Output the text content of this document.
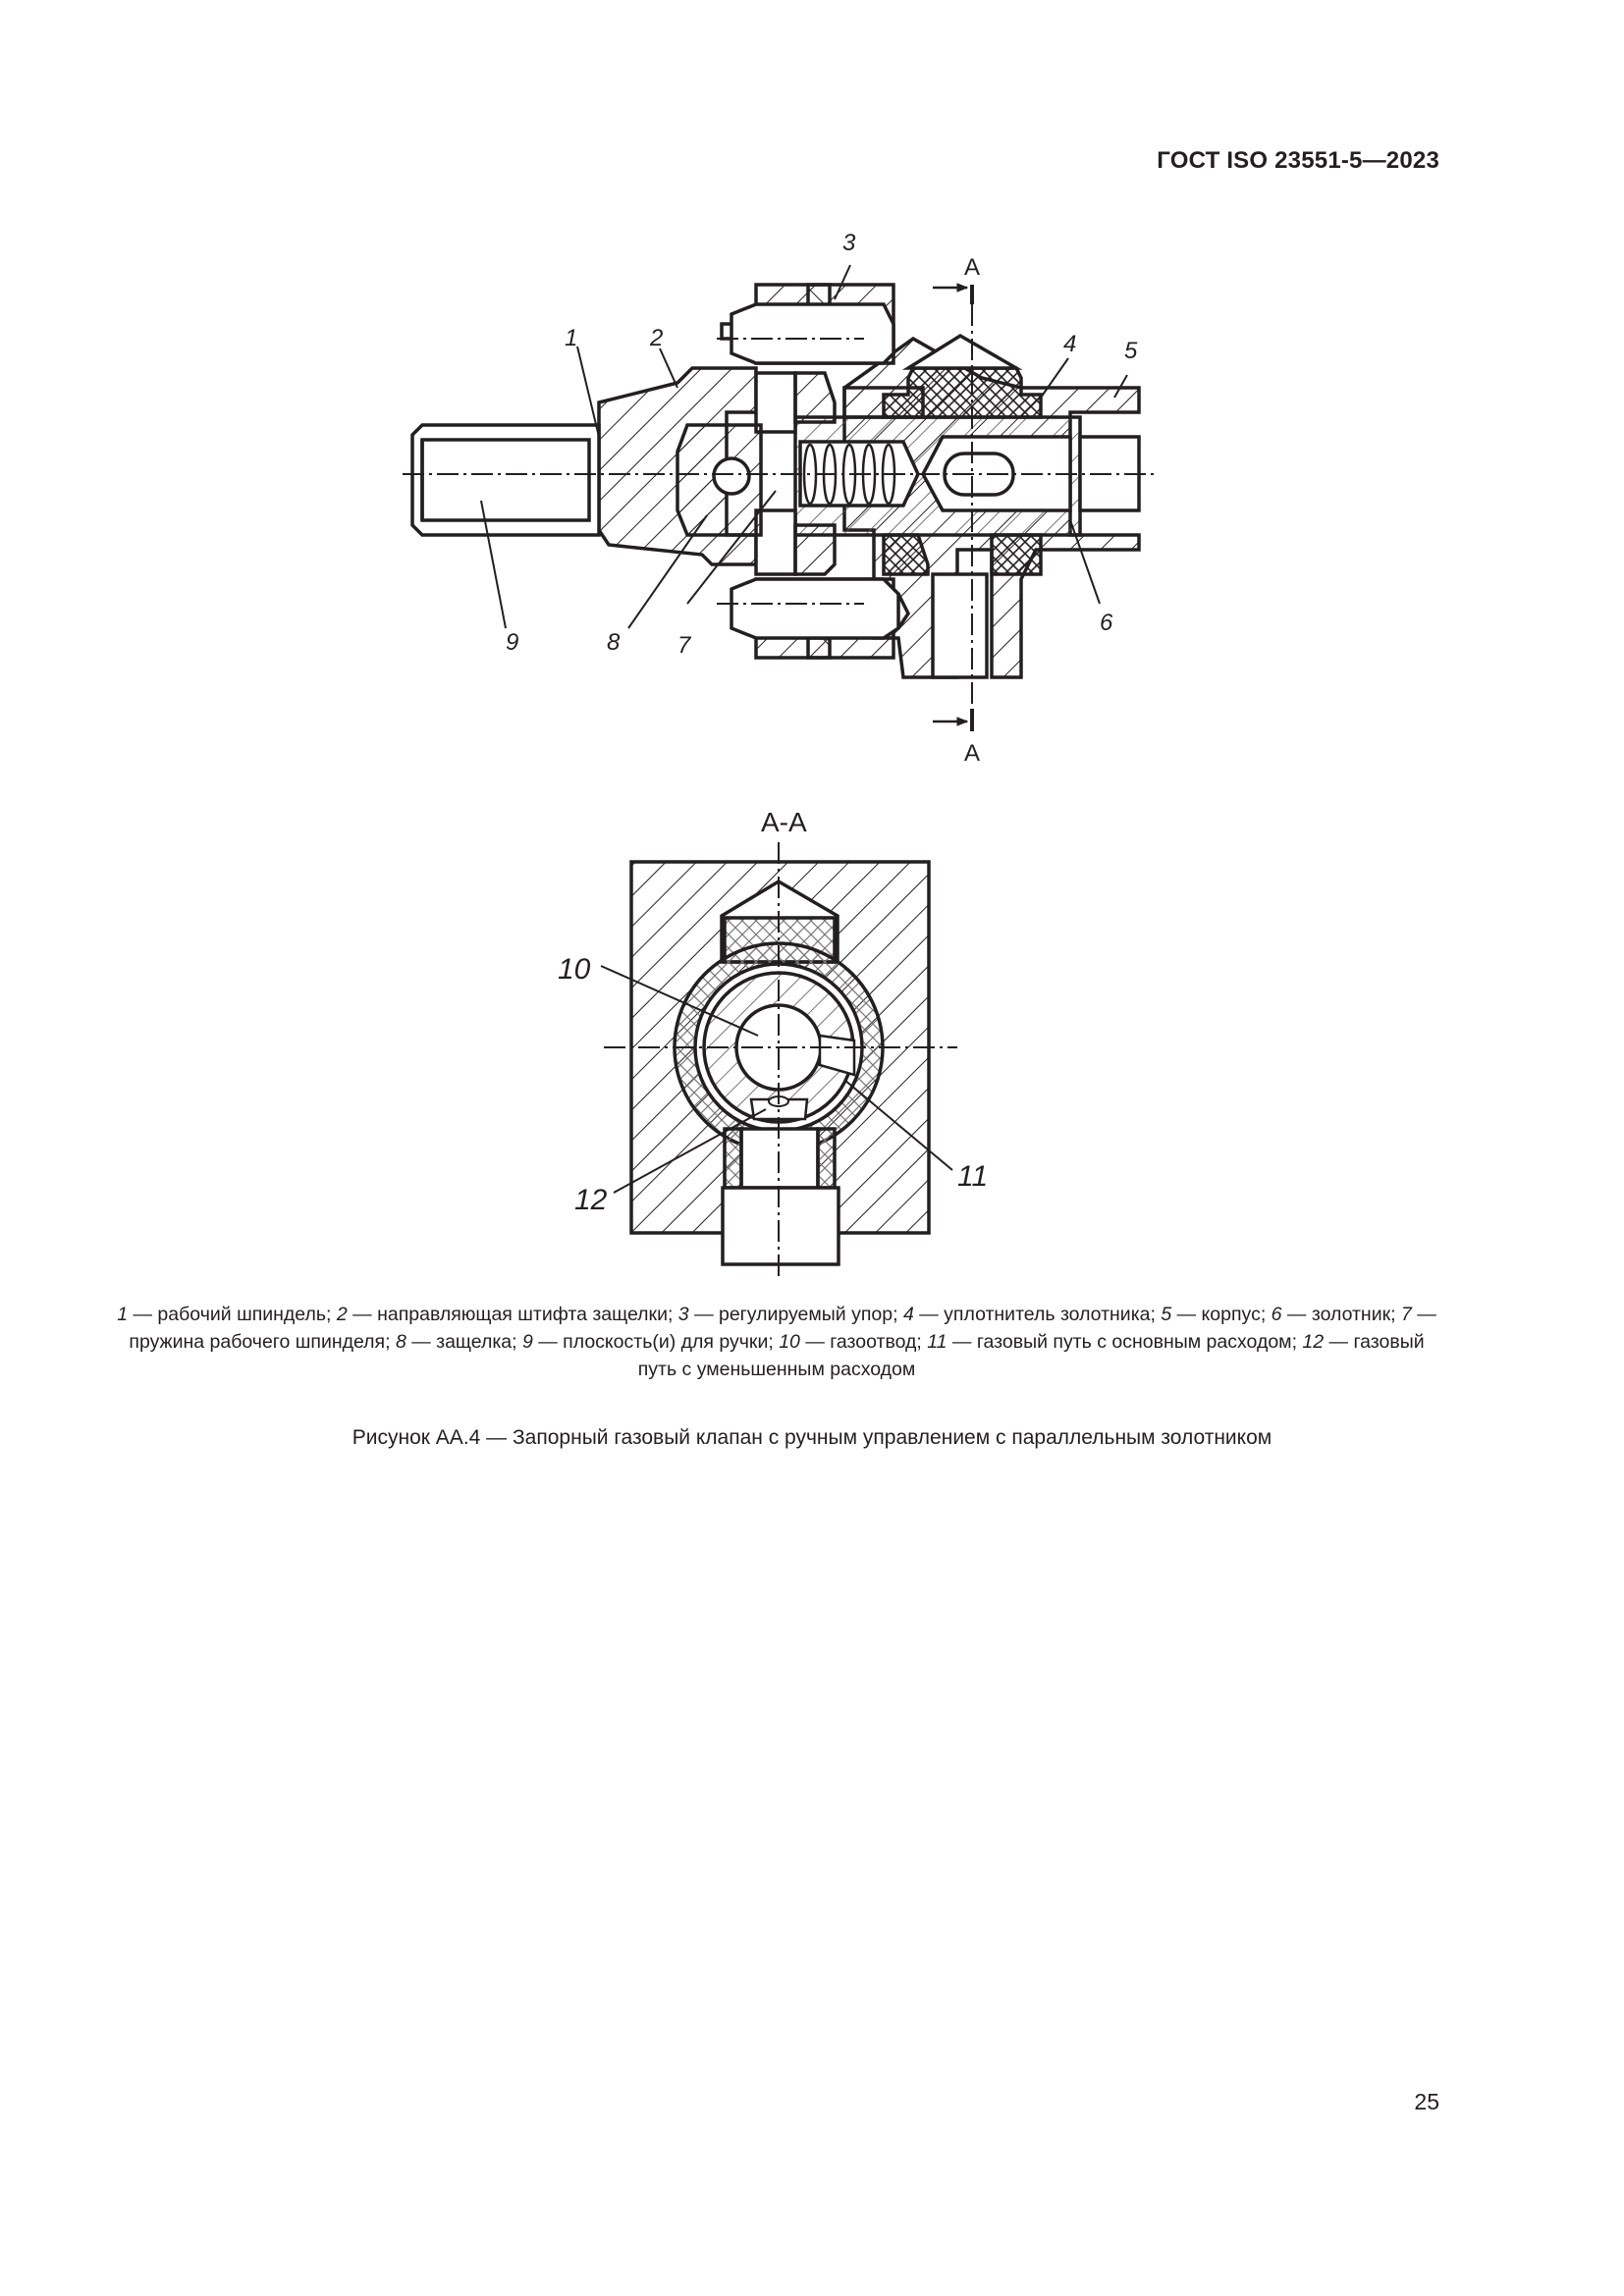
ГОСТ ISO 23551-5—2023
1	2
3
4 5
6
7
8
А
А
9
А-А
10
11
12
1 — рабочий шпиндель; 2 — направляющая штифта защелки; 3 — регулируемый упор; 4 — уплотнитель золотника; 5 — корпус; 6 — золотник; 7 — пружина рабочего шпинделя; 8 — защелка; 9 — плоскость(и) для ручки; 10 — газоотвод; 11 — газовый путь с основным расходом; 12 — газовый путь с уменьшенным расходом
Рисунок АА.4 — Запорный газовый клапан с ручным управлением с параллельным золотником
25
